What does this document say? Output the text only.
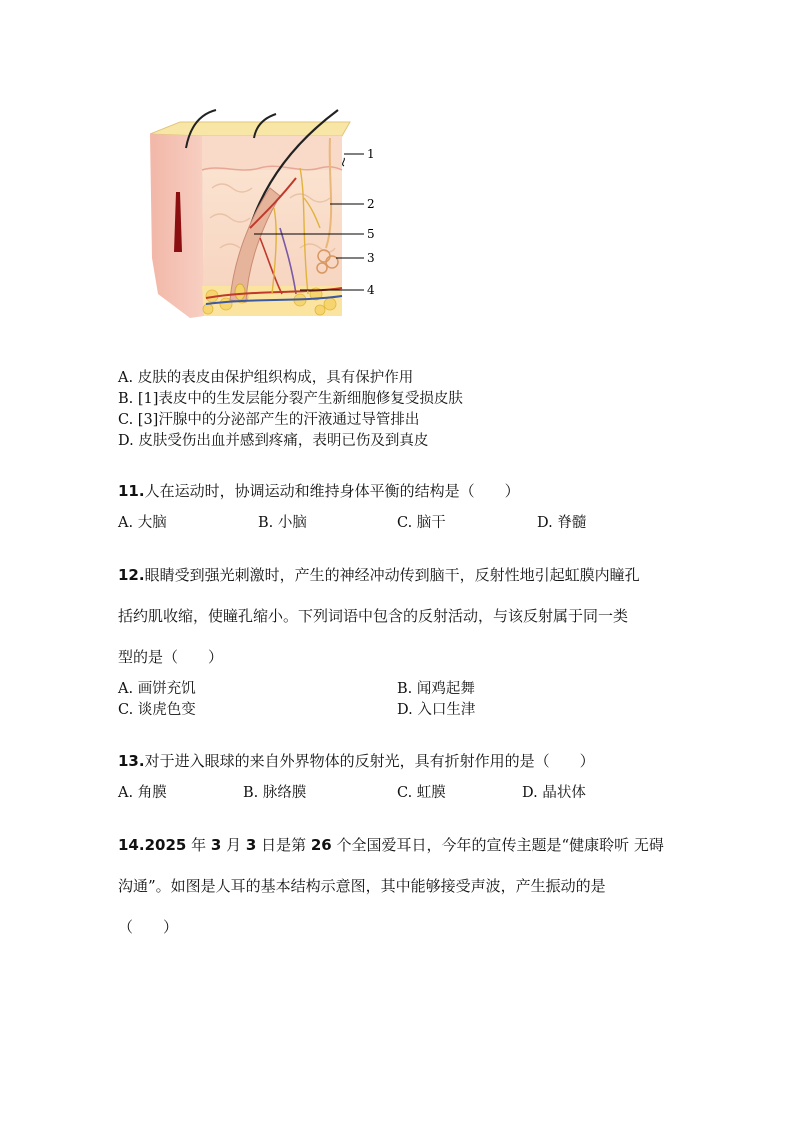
1
2
5
3
4
A. 皮肤的表皮由保护组织构成，具有保护作用
B. [1]表皮中的生发层能分裂产生新细胞修复受损皮肤
C. [3]汗腺中的分泌部产生的汗液通过导管排出
D. 皮肤受伤出血并感到疼痛，表明已伤及到真皮
11.人在运动时，协调运动和维持身体平衡的结构是（　　）
A. 大脑	B. 小脑	C. 脑干	D. 脊髓
12.眼睛受到强光刺激时，产生的神经冲动传到脑干，反射性地引起虹膜内瞳孔
括约肌收缩，使瞳孔缩小。下列词语中包含的反射活动，与该反射属于同一类
型的是（　　）
A. 画饼充饥	B. 闻鸡起舞
C. 谈虎色变	D. 入口生津
13.对于进入眼球的来自外界物体的反射光，具有折射作用的是（　　）
A. 角膜	B. 脉络膜	C. 虹膜	D. 晶状体
14.2025 年 3 月 3 日是第 26 个全国爱耳日，今年的宣传主题是“健康聆听 无碍
沟通”。如图是人耳的基本结构示意图，其中能够接受声波，产生振动的是
（　　）
